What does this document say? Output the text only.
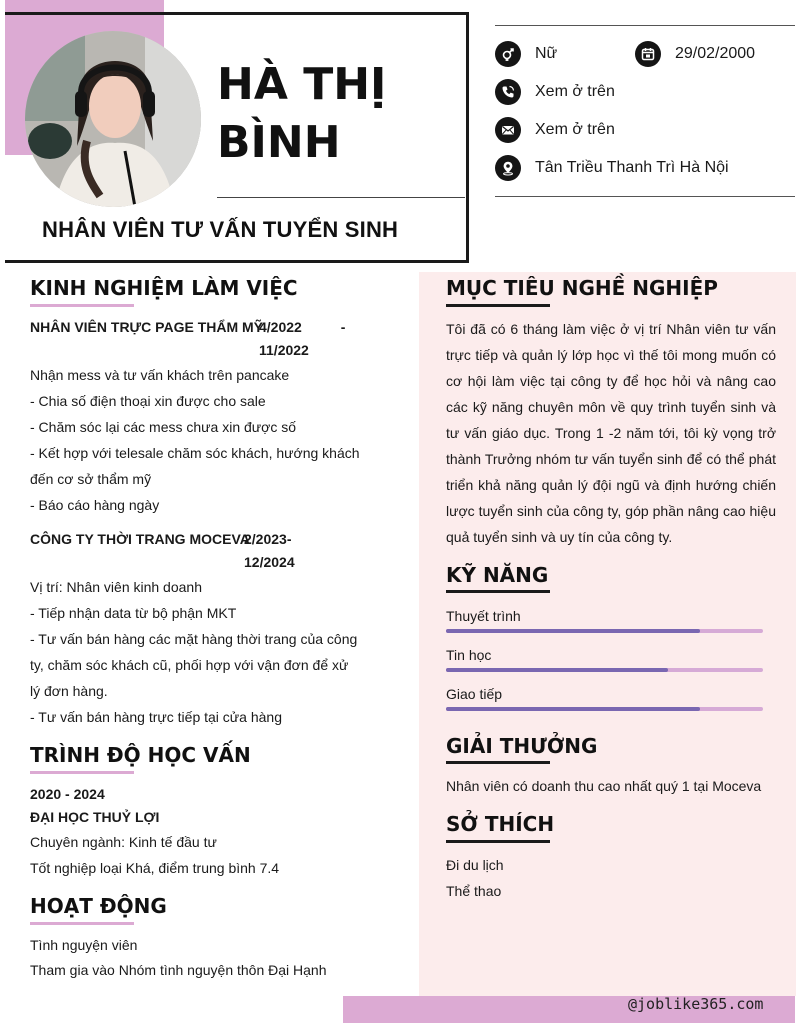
HÀ THỊ
BÌNH
NHÂN VIÊN TƯ VẤN TUYỂN SINH
Nữ	29/02/2000
Xem ở trên
Xem ở trên
Tân Triều Thanh Trì Hà Nội
KINH NGHIỆM LÀM VIỆC
NHÂN VIÊN TRỰC PAGE THẨM MỸ
4/2022          -
11/2022
Nhận mess và tư vấn khách trên pancake
- Chia số điện thoại xin được cho sale
- Chăm sóc lại các mess chưa xin được số
- Kết hợp với telesale chăm sóc khách, hướng khách
đến cơ sở thẩm mỹ
- Báo cáo hàng ngày
CÔNG TY THỜI TRANG MOCEVA
2/2023-
12/2024
Vị trí: Nhân viên kinh doanh
- Tiếp nhận data từ bộ phận MKT
- Tư vấn bán hàng các mặt hàng thời trang của công
ty, chăm sóc khách cũ, phối hợp với vận đơn để xử
lý đơn hàng.
- Tư vấn bán hàng trực tiếp tại cửa hàng
TRÌNH ĐỘ HỌC VẤN
2020 - 2024
ĐẠI HỌC THUỶ LỢI
Chuyên ngành: Kinh tế đầu tư
Tốt nghiệp loại Khá, điểm trung bình 7.4
HOẠT ĐỘNG
Tình nguyện viên
Tham gia vào Nhóm tình nguyện thôn Đại Hạnh
MỤC TIÊU NGHỀ NGHIỆP
Tôi đã có 6 tháng làm việc ở vị trí Nhân viên tư vấn trực tiếp và quản lý lớp học vì thế tôi mong muốn có cơ hội làm việc tại công ty để học hỏi và nâng cao các kỹ năng chuyên môn về quy trình tuyển sinh và tư vấn giáo dục. Trong 1 -2 năm tới, tôi kỳ vọng trở thành Trưởng nhóm tư vấn tuyển sinh để có thể phát triển khả năng quản lý đội ngũ và định hướng chiến lược tuyển sinh của công ty, góp phần nâng cao hiệu quả tuyển sinh và uy tín của công ty.
KỸ NĂNG
Thuyết trình
Tin học
Giao tiếp
GIẢI THƯỞNG
Nhân viên có doanh thu cao nhất quý 1 tại Moceva
SỞ THÍCH
Đi du lịch
Thể thao
@joblike365.com
